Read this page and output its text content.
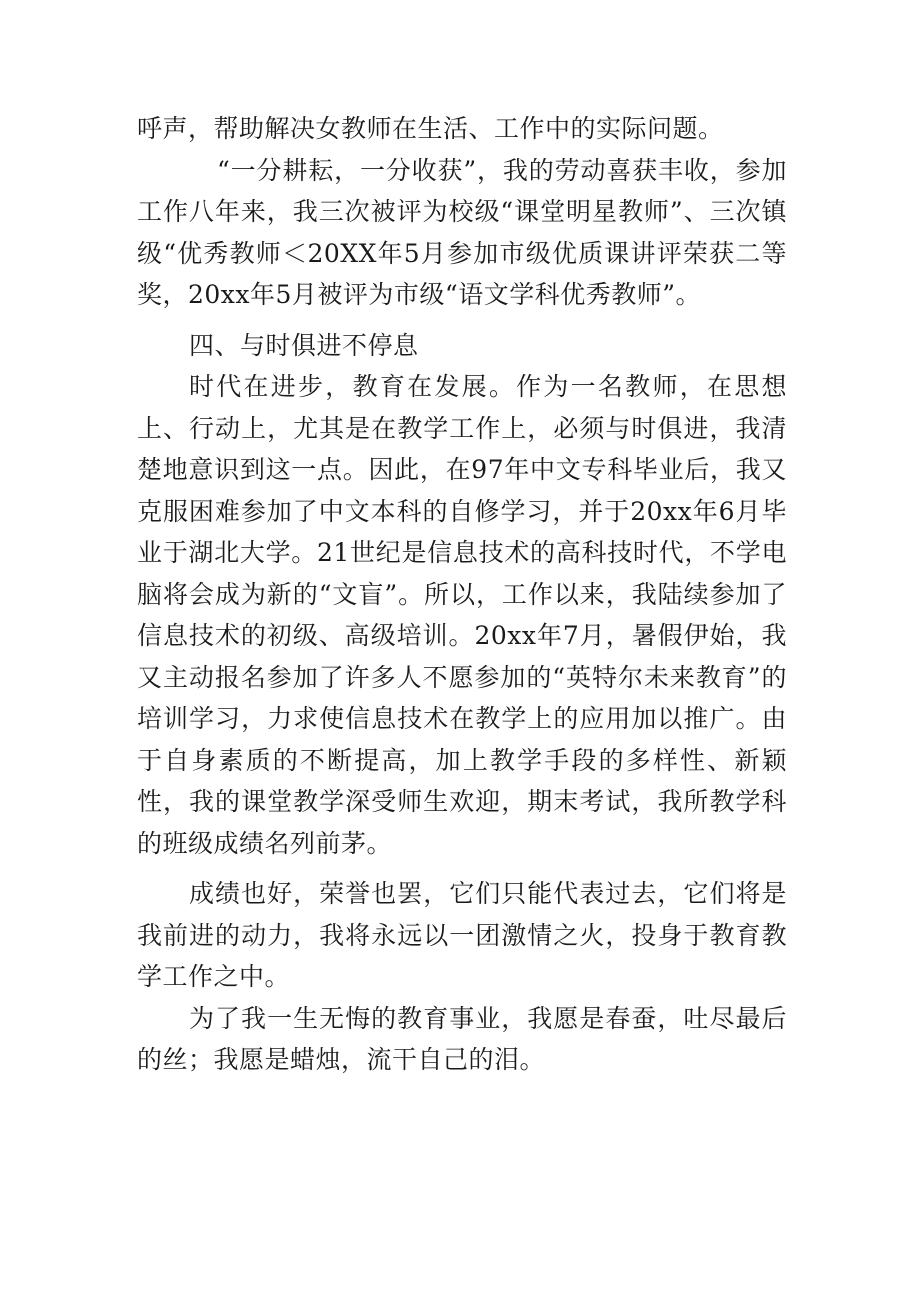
呼声，帮助解决女教师在生活、工作中的实际问题。

“一分耕耘，一分收获”，我的劳动喜获丰收，参加工作八年来，我三次被评为校级“课堂明星教师”、三次镇级“优秀教师＜20XX年5月参加市级优质课讲评荣获二等奖，20xx年5月被评为市级“语文学科优秀教师”。

四、与时俱进不停息

时代在进步，教育在发展。作为一名教师，在思想上、行动上，尤其是在教学工作上，必须与时俱进，我清楚地意识到这一点。因此，在97年中文专科毕业后，我又克服困难参加了中文本科的自修学习，并于20xx年6月毕业于湖北大学。21世纪是信息技术的高科技时代，不学电脑将会成为新的“文盲”。所以，工作以来，我陆续参加了信息技术的初级、高级培训。20xx年7月，暑假伊始，我又主动报名参加了许多人不愿参加的“英特尔未来教育”的培训学习，力求使信息技术在教学上的应用加以推广。由于自身素质的不断提高，加上教学手段的多样性、新颖性，我的课堂教学深受师生欢迎，期末考试，我所教学科的班级成绩名列前茅。

成绩也好，荣誉也罢，它们只能代表过去，它们将是我前进的动力，我将永远以一团激情之火，投身于教育教学工作之中。

为了我一生无悔的教育事业，我愿是春蚕，吐尽最后的丝；我愿是蜡烛，流干自己的泪。
